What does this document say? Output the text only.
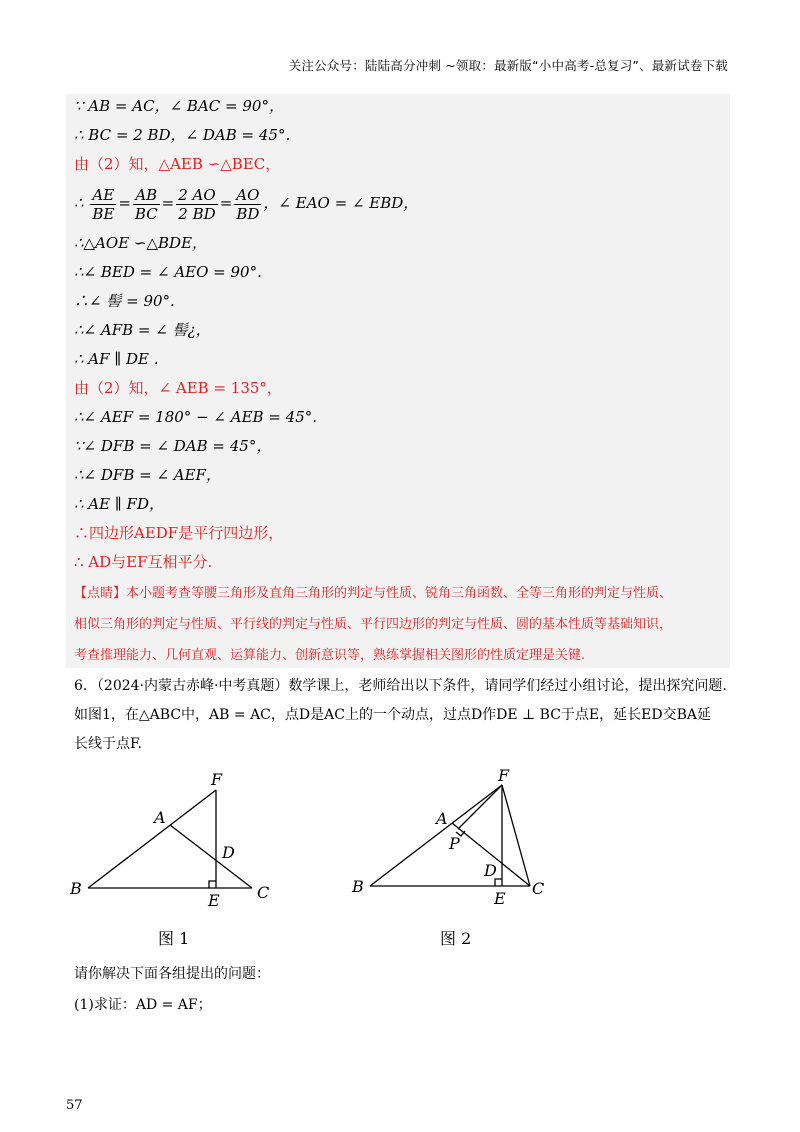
关注公众号：陆陆高分冲刺 ~领取：最新版“小中高考-总复习”、最新试卷下载
∵ AB = AC，∠ BAC = 90°，
∴ BC = 2 BD，∠ DAB = 45°.
由（2）知，△AEB ∽△BEC，
∴ $\frac{AE}{BE} = \frac{AB}{BC} = \frac{2 AO}{2 BD} = \frac{AO}{BD}$ ，∠ EAO = ∠ EBD，
∴△AOE ∽△BDE，
∴∠ BED = ∠ AEO = 90°.
∴∠ 髻 = 90°.
∴∠ AFB = ∠ 髻¿，
∴ AF ∥ DE .
由（2）知，∠ AEB = 135°，
∴∠ AEF = 180° − ∠ AEB = 45°.
∵∠ DFB = ∠ DAB = 45°，
∴∠ DFB = ∠ AEF，
∴ AE ∥ FD，
∴四边形AEDF是平行四边形，
∴ AD与EF互相平分.
【点睛】本小题考查等腰三角形及直角三角形的判定与性质、锐角三角函数、全等三角形的判定与性质、
相似三角形的判定与性质、平行线的判定与性质、平行四边形的判定与性质、圆的基本性质等基础知识，
考查推理能力、几何直观、运算能力、创新意识等，熟练掌握相关图形的性质定理是关键.
6．（2024·内蒙古赤峰·中考真题）数学课上，老师给出以下条件，请同学们经过小组讨论，提出探究问题.
如图1，在△ABC中，AB = AC，点D是AC上的一个动点，过点D作DE ⊥ BC于点E，延长ED交BA延
长线于点F.
F
A
D
B
E C
图 1
F
A
P
D
B
E
C
图 2
请你解决下面各组提出的问题：
(1)求证：AD = AF；
57
